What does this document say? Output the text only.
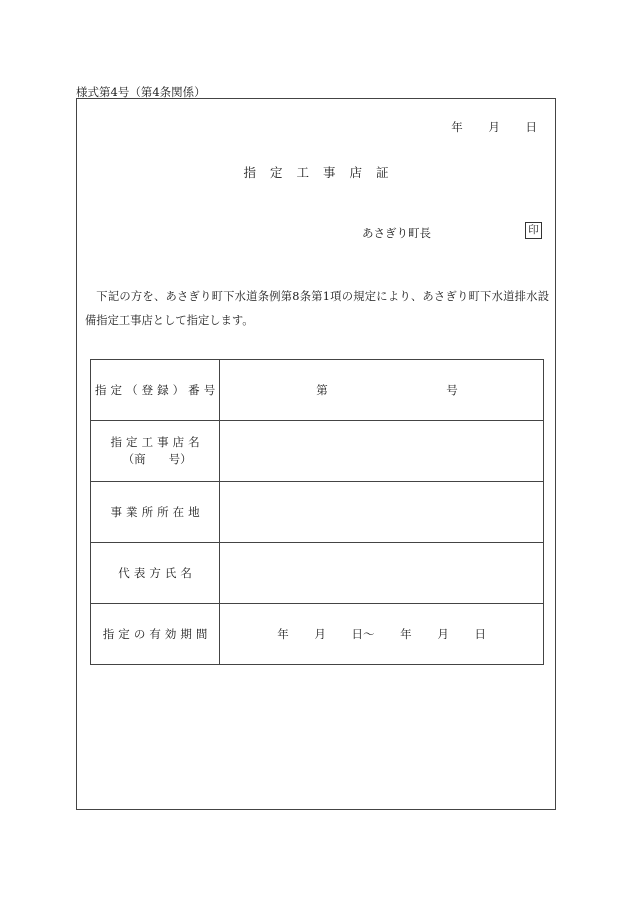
様式第4号（第4条関係）
年 月 日
指定工事店証
あさぎり町長	印

下記の方を、あさぎり町下水道条例第8条第1項の規定により、あさぎり町下水道排水設備指定工事店として指定します。

指定（登録）番号	第 号

指定工事店名
（商　　号）	

事業所所在地	
代表方氏名	
指定の有効期間	年 月 日〜 年 月 日
